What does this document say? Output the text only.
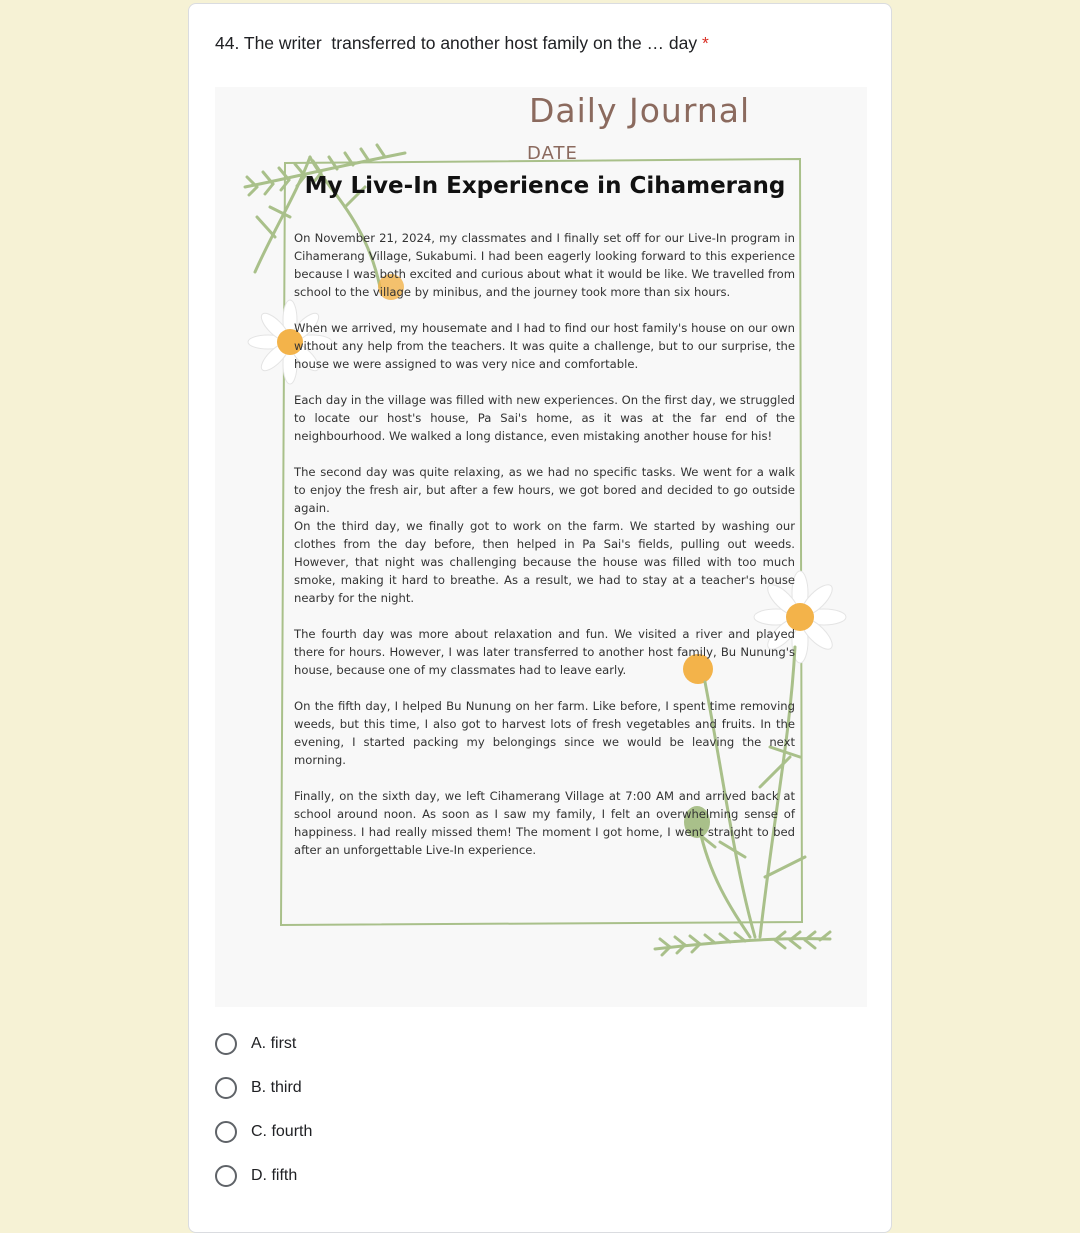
44. The writer  transferred to another host family on the … day *
Daily Journal
DATE
My Live-In Experience in Cihamerang

On November 21, 2024, my classmates and I finally set off for our Live-In program in Cihamerang Village, Sukabumi. I had been eagerly looking forward to this experience because I was both excited and curious about what it would be like. We travelled from school to the village by minibus, and the journey took more than six hours.

When we arrived, my housemate and I had to find our host family's house on our own without any help from the teachers. It was quite a challenge, but to our surprise, the house we were assigned to was very nice and comfortable.

Each day in the village was filled with new experiences. On the first day, we struggled to locate our host's house, Pa Sai's home, as it was at the far end of the neighbourhood. We walked a long distance, even mistaking another house for his!

The second day was quite relaxing, as we had no specific tasks. We went for a walk to enjoy the fresh air, but after a few hours, we got bored and decided to go outside again.

On the third day, we finally got to work on the farm. We started by washing our clothes from the day before, then helped in Pa Sai's fields, pulling out weeds. However, that night was challenging because the house was filled with too much smoke, making it hard to breathe. As a result, we had to stay at a teacher's house nearby for the night.

The fourth day was more about relaxation and fun. We visited a river and played there for hours. However, I was later transferred to another host family, Bu Nunung's house, because one of my classmates had to leave early.

On the fifth day, I helped Bu Nunung on her farm. Like before, I spent time removing weeds, but this time, I also got to harvest lots of fresh vegetables and fruits. In the evening, I started packing my belongings since we would be leaving the next morning.

Finally, on the sixth day, we left Cihamerang Village at 7:00 AM and arrived back at school around noon. As soon as I saw my family, I felt an overwhelming sense of happiness. I had really missed them! The moment I got home, I went straight to bed after an unforgettable Live-In experience.

A. first
B. third
C. fourth
D. fifth
